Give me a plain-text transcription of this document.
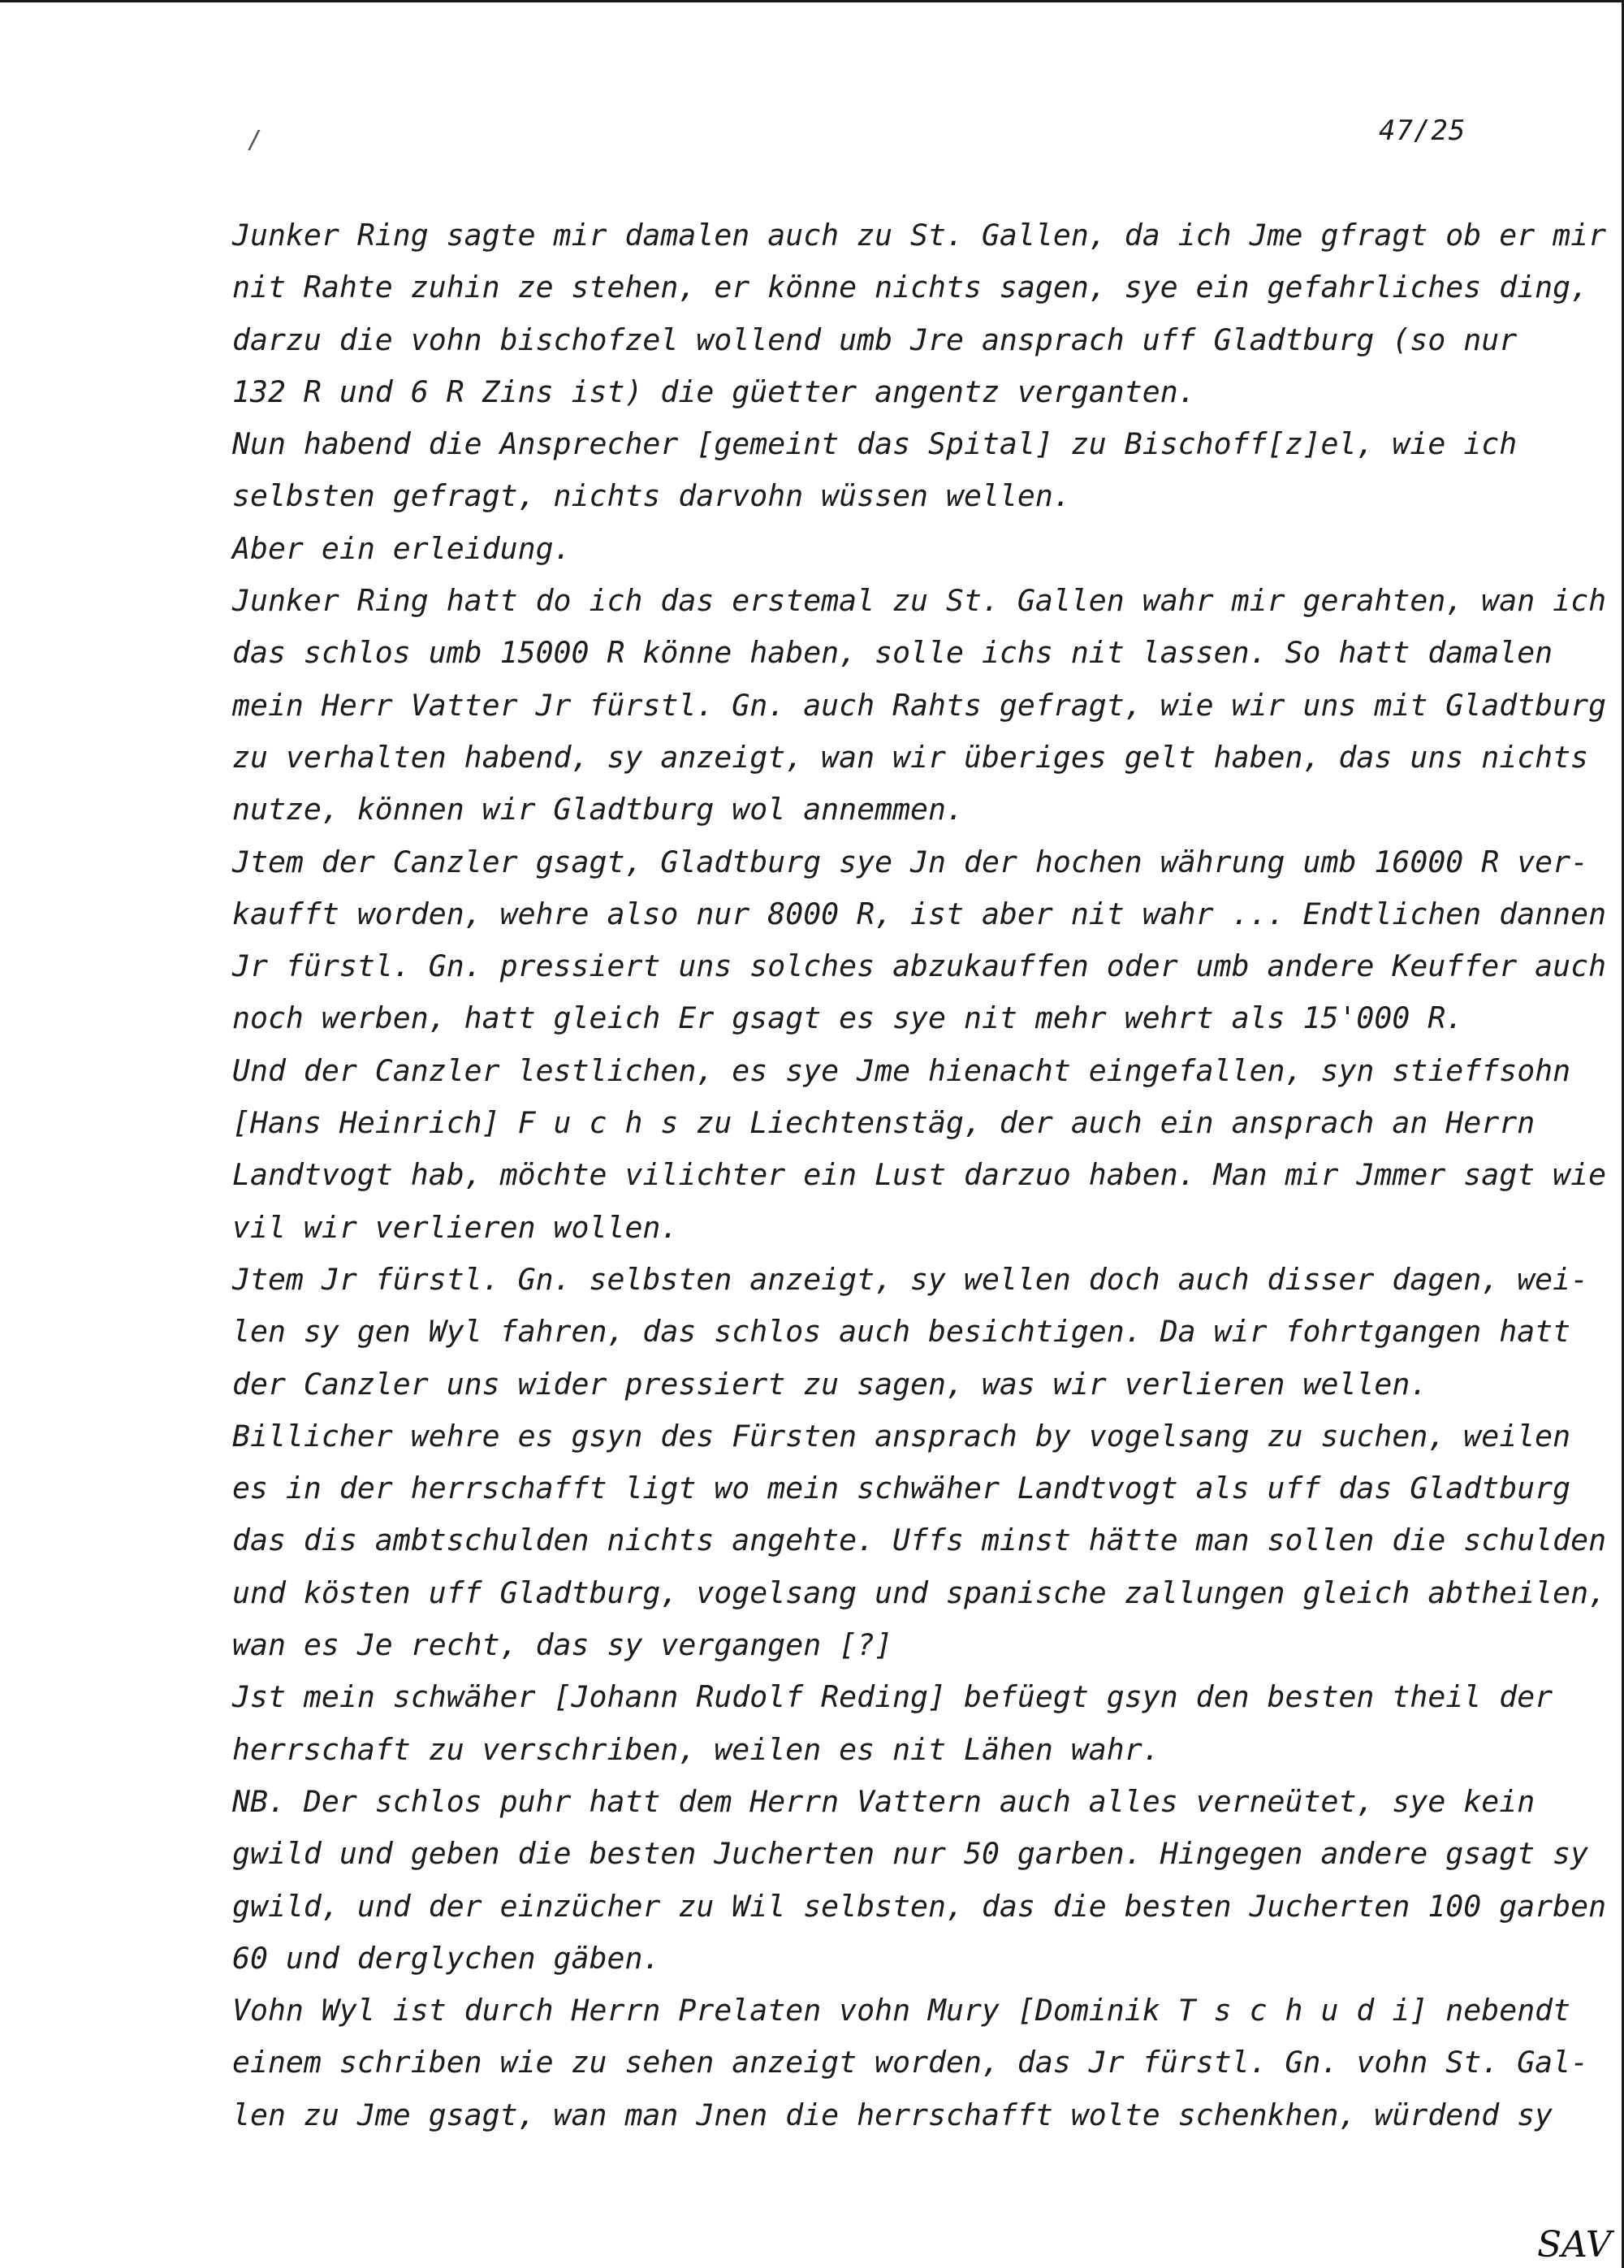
/	47/25
Junker Ring sagte mir damalen auch zu St. Gallen, da ich Jme gfragt ob er mir
nit Rahte zuhin ze stehen, er könne nichts sagen, sye ein gefahrliches ding,
darzu die vohn bischofzel wollend umb Jre ansprach uff Gladtburg (so nur
132 R und 6 R Zins ist) die güetter angentz verganten.
Nun habend die Ansprecher [gemeint das Spital] zu Bischoff[z]el, wie ich
selbsten gefragt, nichts darvohn wüssen wellen.
Aber ein erleidung.
Junker Ring hatt do ich das erstemal zu St. Gallen wahr mir gerahten, wan ich
das schlos umb 15000 R könne haben, solle ichs nit lassen. So hatt damalen
mein Herr Vatter Jr fürstl. Gn. auch Rahts gefragt, wie wir uns mit Gladtburg
zu verhalten habend, sy anzeigt, wan wir überiges gelt haben, das uns nichts
nutze, können wir Gladtburg wol annemmen.
Jtem der Canzler gsagt, Gladtburg sye Jn der hochen währung umb 16000 R ver-
kaufft worden, wehre also nur 8000 R, ist aber nit wahr ... Endtlichen dannen
Jr fürstl. Gn. pressiert uns solches abzukauffen oder umb andere Keuffer auch
noch werben, hatt gleich Er gsagt es sye nit mehr wehrt als 15'000 R.
Und der Canzler lestlichen, es sye Jme hienacht eingefallen, syn stieffsohn
[Hans Heinrich] F u c h s zu Liechtenstäg, der auch ein ansprach an Herrn
Landtvogt hab, möchte vilichter ein Lust darzuo haben. Man mir Jmmer sagt wie
vil wir verlieren wollen.
Jtem Jr fürstl. Gn. selbsten anzeigt, sy wellen doch auch disser dagen, wei-
len sy gen Wyl fahren, das schlos auch besichtigen. Da wir fohrtgangen hatt
der Canzler uns wider pressiert zu sagen, was wir verlieren wellen.
Billicher wehre es gsyn des Fürsten ansprach by vogelsang zu suchen, weilen
es in der herrschafft ligt wo mein schwäher Landtvogt als uff das Gladtburg
das dis ambtschulden nichts angehte. Uffs minst hätte man sollen die schulden
und kösten uff Gladtburg, vogelsang und spanische zallungen gleich abtheilen,
wan es Je recht, das sy vergangen [?]
Jst mein schwäher [Johann Rudolf Reding] befüegt gsyn den besten theil der
herrschaft zu verschriben, weilen es nit Lähen wahr.
NB. Der schlos puhr hatt dem Herrn Vattern auch alles verneütet, sye kein
gwild und geben die besten Jucherten nur 50 garben. Hingegen andere gsagt sy
gwild, und der einzücher zu Wil selbsten, das die besten Jucherten 100 garben
60 und derglychen gäben.
Vohn Wyl ist durch Herrn Prelaten vohn Mury [Dominik T s c h u d i] nebendt
einem schriben wie zu sehen anzeigt worden, das Jr fürstl. Gn. vohn St. Gal-
len zu Jme gsagt, wan man Jnen die herrschafft wolte schenkhen, würdend sy
SAV
